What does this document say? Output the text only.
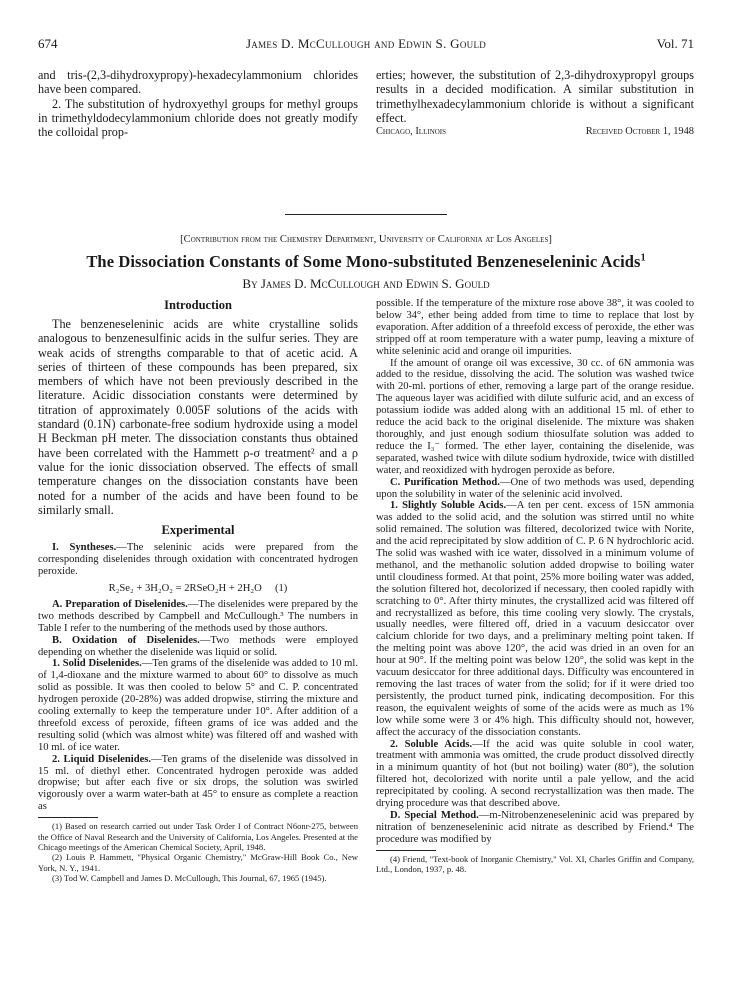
674	James D. McCullough and Edwin S. Gould	Vol. 71

and tris-(2,3-dihydroxypropy)-hexadecylammonium chlorides have been compared.

2. The substitution of hydroxyethyl groups for methyl groups in trimethyldodecylammonium chloride does not greatly modify the colloidal prop-

erties; however, the substitution of 2,3-dihydroxypropyl groups results in a decided modification. A similar substitution in trimethylhexadecylammonium chloride is without a significant effect.

Chicago, Illinois	Received October 1, 1948
[Contribution from the Chemistry Department, University of California at Los Angeles]
The Dissociation Constants of Some Mono-substituted Benzeneseleninic Acids$^1$
By James D. McCullough and Edwin S. Gould
Introduction

The benzeneseleninic acids are white crystalline solids analogous to benzenesulfinic acids in the sulfur series. They are weak acids of strengths comparable to that of acetic acid. A series of thirteen of these compounds has been prepared, six members of which have not been previously described in the literature. Acidic dissociation constants were determined by titration of approximately 0.005F solutions of the acids with standard (0.1N) carbonate-free sodium hydroxide using a model H Beckman pH meter. The dissociation constants thus obtained have been correlated with the Hammett ρ-σ treatment² and a ρ value for the ionic dissociation observed. The effects of small temperature changes on the dissociation constants have been noted for a number of the acids and have been found to be similarly small.

Experimental

I. Syntheses.—The seleninic acids were prepared from the corresponding diselenides through oxidation with concentrated hydrogen peroxide.

R₂Se₂ + 3H₂O₂ = 2RSeO₂H + 2H₂O (1)

A. Preparation of Diselenides.—The diselenides were prepared by the two methods described by Campbell and McCullough.³ The numbers in Table I refer to the numbering of the methods used by those authors.

B. Oxidation of Diselenides.—Two methods were employed depending on whether the diselenide was liquid or solid.

1. Solid Diselenides.—Ten grams of the diselenide was added to 10 ml. of 1,4-dioxane and the mixture warmed to about 60° to dissolve as much solid as possible. It was then cooled to below 5° and C. P. concentrated hydrogen peroxide (20-28%) was added dropwise, stirring the mixture and cooling externally to keep the temperature under 10°. After addition of a threefold excess of peroxide, fifteen grams of ice was added and the resulting solid (which was almost white) was filtered off and washed with 10 ml. of ice water.

2. Liquid Diselenides.—Ten grams of the diselenide was dissolved in 15 ml. of diethyl ether. Concentrated hydrogen peroxide was added dropwise; but after each five or six drops, the solution was swirled vigorously over a warm water-bath at 45° to ensure as complete a reaction as

(1) Based on research carried out under Task Order I of Contract N6onr-275, between the Office of Naval Research and the University of California, Los Angeles. Presented at the Chicago meetings of the American Chemical Society, April, 1948.

(2) Louis P. Hammett, "Physical Organic Chemistry," McGraw-Hill Book Co., New York, N. Y., 1941.

(3) Tod W. Campbell and James D. McCullough, This Journal, 67, 1965 (1945).

possible. If the temperature of the mixture rose above 38°, it was cooled to below 34°, ether being added from time to time to replace that lost by evaporation. After addition of a threefold excess of peroxide, the ether was stripped off at room temperature with a water pump, leaving a mixture of white seleninic acid and orange oil impurities.

If the amount of orange oil was excessive, 30 cc. of 6N ammonia was added to the residue, dissolving the acid. The solution was washed twice with 20-ml. portions of ether, removing a large part of the orange residue. The aqueous layer was acidified with dilute sulfuric acid, and an excess of potassium iodide was added along with an additional 15 ml. of ether to reduce the acid back to the original diselenide. The mixture was shaken thoroughly, and just enough sodium thiosulfate solution was added to reduce the I₃⁻ formed. The ether layer, containing the diselenide, was separated, washed twice with dilute sodium hydroxide, twice with distilled water, and reoxidized with hydrogen peroxide as before.

C. Purification Method.—One of two methods was used, depending upon the solubility in water of the seleninic acid involved.

1. Slightly Soluble Acids.—A ten per cent. excess of 15N ammonia was added to the solid acid, and the solution was stirred until no white solid remained. The solution was filtered, decolorized twice with Norite, and the acid reprecipitated by slow addition of C. P. 6 N hydrochloric acid. The solid was washed with ice water, dissolved in a minimum volume of methanol, and the methanolic solution added dropwise to boiling water until cloudiness formed. At that point, 25% more boiling water was added, the solution filtered hot, decolorized if necessary, then cooled rapidly with scratching to 0°. After thirty minutes, the crystallized acid was filtered off and recrystallized as before, this time cooling very slowly. The crystals, usually needles, were filtered off, dried in a vacuum desiccator over calcium chloride for two days, and a preliminary melting point taken. If the melting point was above 120°, the acid was dried in an oven for an hour at 90°. If the melting point was below 120°, the solid was kept in the vacuum desiccator for three additional days. Difficulty was encountered in removing the last traces of water from the solid; for if it were dried too persistently, the product turned pink, indicating decomposition. For this reason, the equivalent weights of some of the acids were as much as 1% low while some were 3 or 4% high. This difficulty should not, however, affect the accuracy of the dissociation constants.

2. Soluble Acids.—If the acid was quite soluble in cool water, treatment with ammonia was omitted, the crude product dissolved directly in a minimum quantity of hot (but not boiling) water (80°), the solution filtered hot, decolorized with norite until a pale yellow, and the acid reprecipitated by cooling. A second recrystallization was then made. The drying procedure was that described above.

D. Special Method.—m-Nitrobenzeneseleninic acid was prepared by nitration of benzeneseleninic acid nitrate as described by Friend.⁴ The procedure was modified by

(4) Friend, "Text-book of Inorganic Chemistry," Vol. XI, Charles Griffin and Company, Ltd., London, 1937, p. 48.
